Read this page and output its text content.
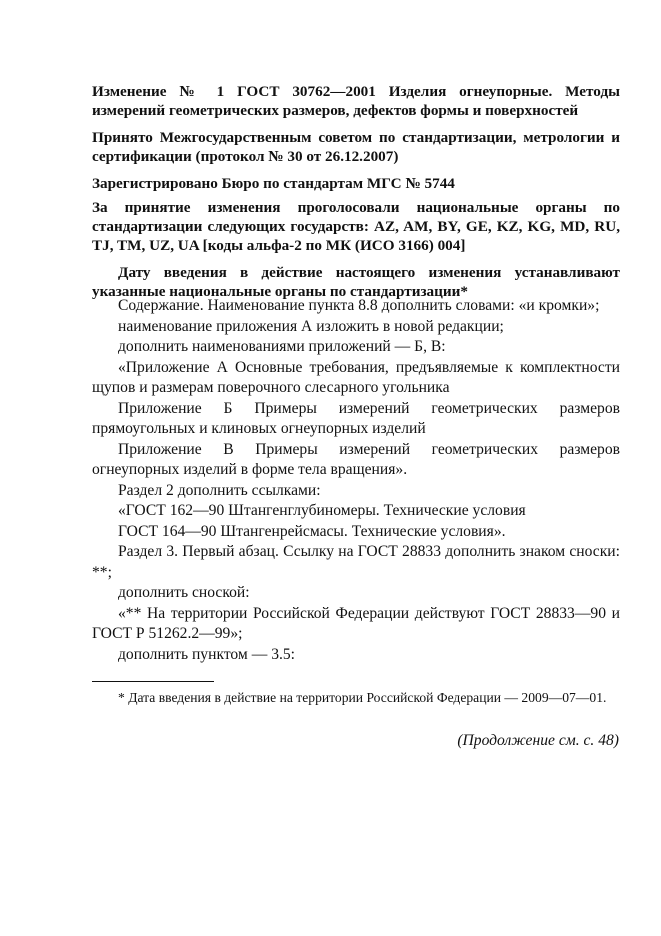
Изменение № 1 ГОСТ 30762—2001 Изделия огнеупорные. Методы измерений геометрических размеров, дефектов формы и поверхностей

Принято Межгосударственным советом по стандартизации, метрологии и сертификации (протокол № 30 от 26.12.2007)

Зарегистрировано Бюро по стандартам МГС № 5744

За принятие изменения проголосовали национальные органы по стандартизации следующих государств: AZ, AM, BY, GE, KZ, KG, MD, RU, TJ, TM, UZ, UA [коды альфа-2 по МК (ИСО 3166) 004]

Дату введения в действие настоящего изменения устанавливают указанные национальные органы по стандартизации*

Содержание. Наименование пункта 8.8 дополнить словами: «и кромки»;

наименование приложения А изложить в новой редакции;

дополнить наименованиями приложений — Б, В:

«Приложение А Основные требования, предъявляемые к комплектности щупов и размерам поверочного слесарного угольника

Приложение Б Примеры измерений геометрических размеров прямоугольных и клиновых огнеупорных изделий

Приложение В Примеры измерений геометрических размеров огнеупорных изделий в форме тела вращения».

Раздел 2 дополнить ссылками:

«ГОСТ 162—90 Штангенглубиномеры. Технические условия

ГОСТ 164—90 Штангенрейсмасы. Технические условия».

Раздел 3. Первый абзац. Ссылку на ГОСТ 28833 дополнить знаком сноски: **;

дополнить сноской:

«** На территории Российской Федерации действуют ГОСТ 28833—90 и ГОСТ Р 51262.2—99»;

дополнить пунктом — 3.5:

* Дата введения в действие на территории Российской Федерации — 2009—07—01.

(Продолжение см. с. 48)
